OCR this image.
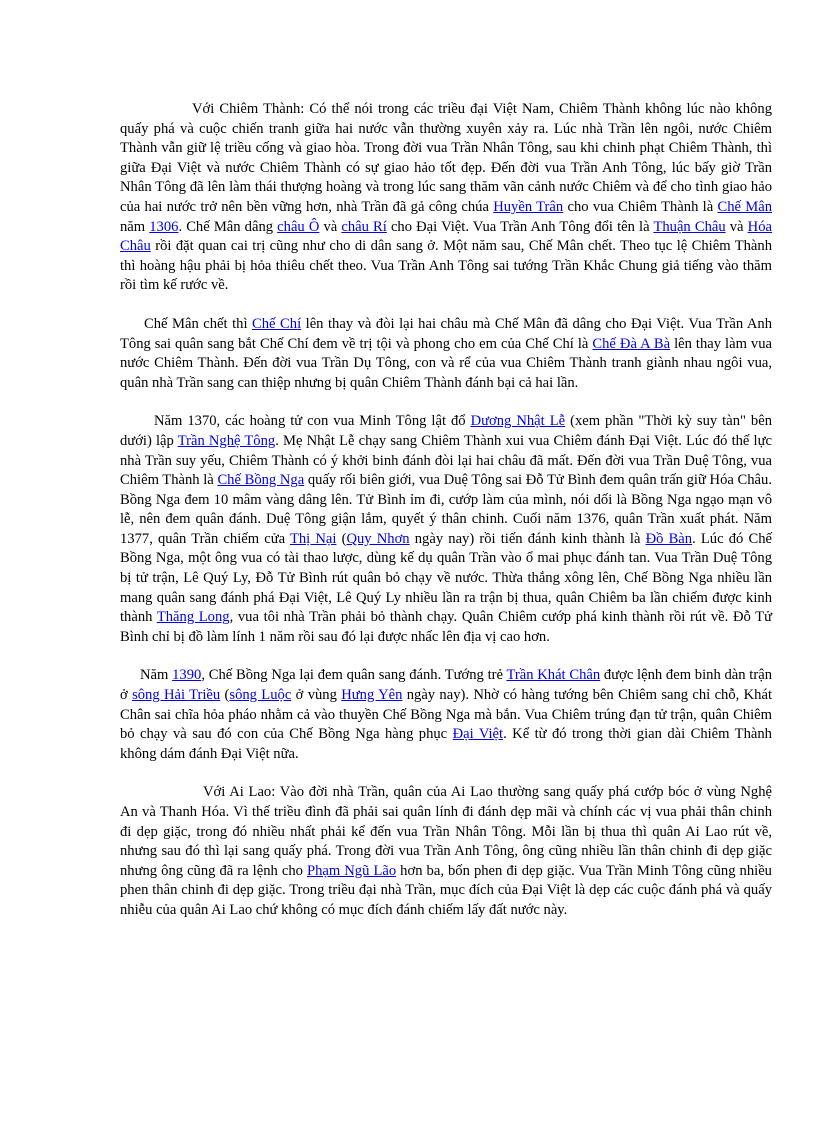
Với Chiêm Thành: Có thể nói trong các triều đại Việt Nam, Chiêm Thành không lúc nào không quấy phá và cuộc chiến tranh giữa hai nước vẫn thường xuyên xảy ra. Lúc nhà Trần lên ngôi, nước Chiêm Thành vẫn giữ lệ triều cống và giao hòa. Trong đời vua Trần Nhân Tông, sau khi chinh phạt Chiêm Thành, thì giữa Đại Việt và nước Chiêm Thành có sự giao hảo tốt đẹp. Đến đời vua Trần Anh Tông, lúc bấy giờ Trần Nhân Tông đã lên làm thái thượng hoàng và trong lúc sang thăm vãn cảnh nước Chiêm và để cho tình giao hảo của hai nước trở nên bền vững hơn, nhà Trần đã gả công chúa Huyền Trân cho vua Chiêm Thành là Chế Mân năm 1306. Chế Mân dâng châu Ô và châu Rí cho Đại Việt. Vua Trần Anh Tông đổi tên là Thuận Châu và Hóa Châu rồi đặt quan cai trị cũng như cho di dân sang ở. Một năm sau, Chế Mân chết. Theo tục lệ Chiêm Thành thì hoàng hậu phải bị hỏa thiêu chết theo. Vua Trần Anh Tông sai tướng Trần Khắc Chung giả tiếng vào thăm rồi tìm kế rước về.

Chế Mân chết thì Chế Chí lên thay và đòi lại hai châu mà Chế Mân đã dâng cho Đại Việt. Vua Trần Anh Tông sai quân sang bắt Chế Chí đem về trị tội và phong cho em của Chế Chí là Chế Đà A Bà lên thay làm vua nước Chiêm Thành. Đến đời vua Trần Dụ Tông, con và rể của vua Chiêm Thành tranh giành nhau ngôi vua, quân nhà Trần sang can thiệp nhưng bị quân Chiêm Thành đánh bại cả hai lần.

Năm 1370, các hoàng tử con vua Minh Tông lật đổ Dương Nhật Lễ (xem phần "Thời kỳ suy tàn" bên dưới) lập Trần Nghệ Tông. Mẹ Nhật Lễ chạy sang Chiêm Thành xui vua Chiêm đánh Đại Việt. Lúc đó thế lực nhà Trần suy yếu, Chiêm Thành có ý khởi binh đánh đòi lại hai châu đã mất. Đến đời vua Trần Duệ Tông, vua Chiêm Thành là Chế Bồng Nga quấy rối biên giới, vua Duệ Tông sai Đỗ Tử Bình đem quân trấn giữ Hóa Châu. Bồng Nga đem 10 mâm vàng dâng lên. Tử Bình ỉm đi, cướp làm của mình, nói dối là Bồng Nga ngạo mạn vô lễ, nên đem quân đánh. Duệ Tông giận lắm, quyết ý thân chinh. Cuối năm 1376, quân Trần xuất phát. Năm 1377, quân Trần chiếm cửa Thị Nại (Quy Nhơn ngày nay) rồi tiến đánh kinh thành là Đồ Bàn. Lúc đó Chế Bồng Nga, một ông vua có tài thao lược, dùng kế dụ quân Trần vào ổ mai phục đánh tan. Vua Trần Duệ Tông bị tử trận, Lê Quý Ly, Đỗ Tử Bình rút quân bỏ chạy về nước. Thừa thắng xông lên, Chế Bồng Nga nhiều lần mang quân sang đánh phá Đại Việt, Lê Quý Ly nhiều lần ra trận bị thua, quân Chiêm ba lần chiếm được kinh thành Thăng Long, vua tôi nhà Trần phải bỏ thành chạy. Quân Chiêm cướp phá kinh thành rồi rút về. Đỗ Tử Bình chỉ bị đồ làm lính 1 năm rồi sau đó lại được nhấc lên địa vị cao hơn.

Năm 1390, Chế Bồng Nga lại đem quân sang đánh. Tướng trẻ Trần Khát Chân được lệnh đem binh dàn trận ở sông Hải Triều (sông Luộc ở vùng Hưng Yên ngày nay). Nhờ có hàng tướng bên Chiêm sang chỉ chỗ, Khát Chân sai chĩa hỏa pháo nhằm cả vào thuyền Chế Bồng Nga mà bắn. Vua Chiêm trúng đạn tử trận, quân Chiêm bỏ chạy và sau đó con của Chế Bồng Nga hàng phục Đại Việt. Kể từ đó trong thời gian dài Chiêm Thành không dám đánh Đại Việt nữa.

Với Ai Lao: Vào đời nhà Trần, quân của Ai Lao thường sang quấy phá cướp bóc ở vùng Nghệ An và Thanh Hóa. Vì thế triều đình đã phải sai quân lính đi đánh dẹp mãi và chính các vị vua phải thân chinh đi dẹp giặc, trong đó nhiều nhất phải kể đến vua Trần Nhân Tông. Mỗi lần bị thua thì quân Ai Lao rút về, nhưng sau đó thì lại sang quấy phá. Trong đời vua Trần Anh Tông, ông cũng nhiều lần thân chinh đi dẹp giặc nhưng ông cũng đã ra lệnh cho Phạm Ngũ Lão hơn ba, bốn phen đi dẹp giặc. Vua Trần Minh Tông cũng nhiều phen thân chinh đi dẹp giặc. Trong triều đại nhà Trần, mục đích của Đại Việt là dẹp các cuộc đánh phá và quấy nhiễu của quân Ai Lao chứ không có mục đích đánh chiếm lấy đất nước này.
